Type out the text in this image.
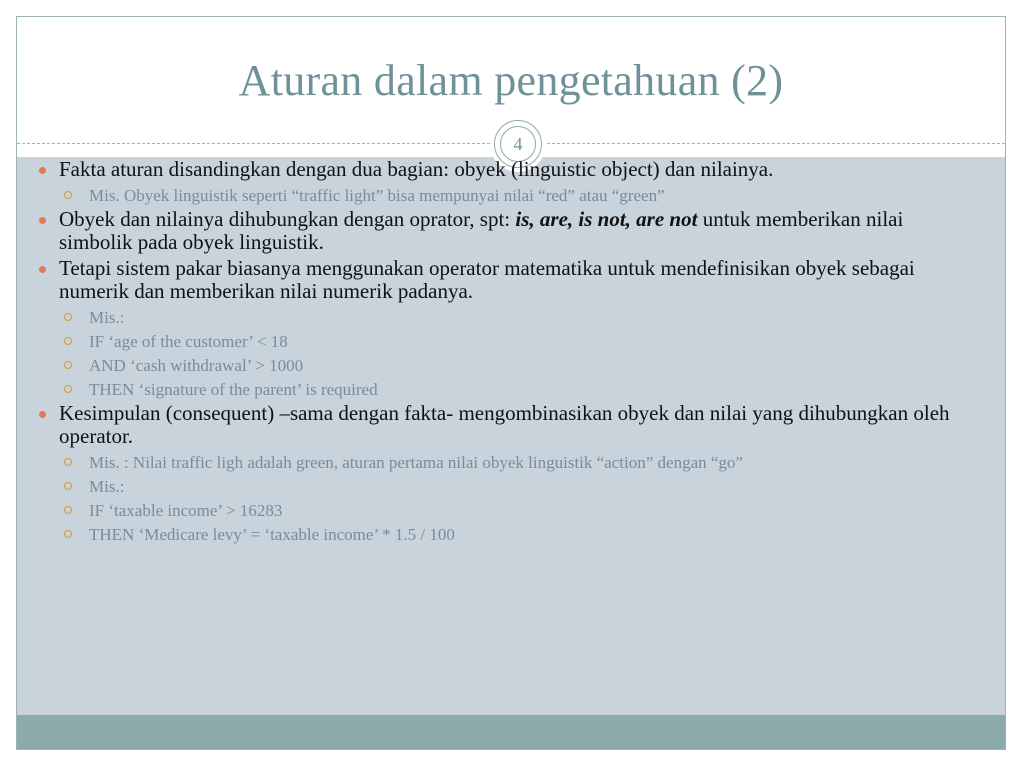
Aturan dalam pengetahuan (2)
4
Fakta aturan disandingkan dengan dua bagian: obyek (linguistic object) dan nilainya.
Mis. Obyek linguistik seperti “traffic light” bisa mempunyai nilai “red” atau “green”
Obyek dan nilainya dihubungkan dengan oprator, spt: is, are, is not, are not untuk memberikan nilai simbolik pada obyek linguistik.
Tetapi sistem pakar biasanya menggunakan operator matematika untuk mendefinisikan obyek sebagai numerik dan memberikan nilai numerik padanya.
Mis.:
IF ‘age of the customer’ < 18
AND ‘cash withdrawal’ > 1000
THEN ‘signature of the parent’ is required
Kesimpulan (consequent) –sama dengan fakta- mengombinasikan obyek dan nilai yang dihubungkan oleh operator.
Mis. : Nilai traffic ligh adalah green, aturan pertama nilai obyek linguistik “action” dengan “go”
Mis.:
IF ‘taxable income’ > 16283
THEN ‘Medicare levy’ = ‘taxable income’ * 1.5 / 100
